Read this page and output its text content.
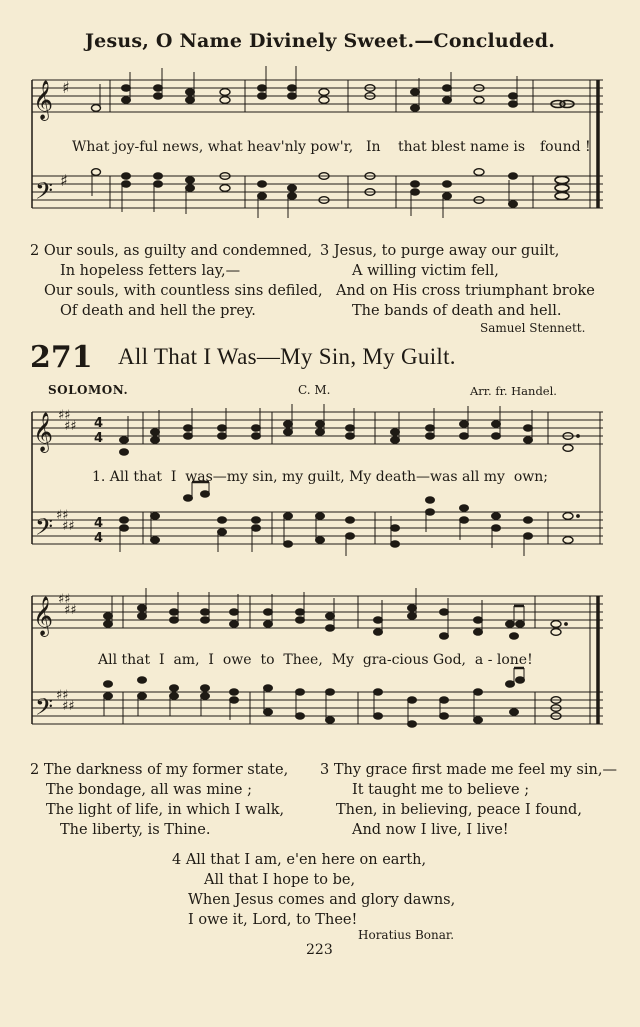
Jesus, O Name Divinely Sweet.—Concluded.
𝄞
𝄢
♯
♯
What joy-ful news, what heav'nly pow'r, In that blest name is found !
2 Our souls, as guilty and condemned,
In hopeless fetters lay,—
Our souls, with countless sins defiled,
Of death and hell the prey.
3 Jesus, to purge away our guilt,
A willing victim fell,
And on His cross triumphant broke
The bands of death and hell.
Samuel Stennett.
271 All That I Was—My Sin, My Guilt.
SOLOMON.	C. M.	Arr. fr. Handel.
𝄞
𝄢
♯♯
♯♯
♯♯
♯♯
4
4
4
4
1. All that  I  was—my sin, my guilt, My death—was all my  own;
𝄞
𝄢
♯♯
♯♯
♯♯
♯♯
All that  I  am,  I  owe  to  Thee,  My  gra-cious God,  a - lone!
2 The darkness of my former state,
The bondage, all was mine ;
The light of life, in which I walk,
The liberty, is Thine.
3 Thy grace first made me feel my sin,—
It taught me to believe ;
Then, in believing, peace I found,
And now I live, I live!
4 All that I am, e'en here on earth,
All that I hope to be,
When Jesus comes and glory dawns,
I owe it, Lord, to Thee!
Horatius Bonar.
223
